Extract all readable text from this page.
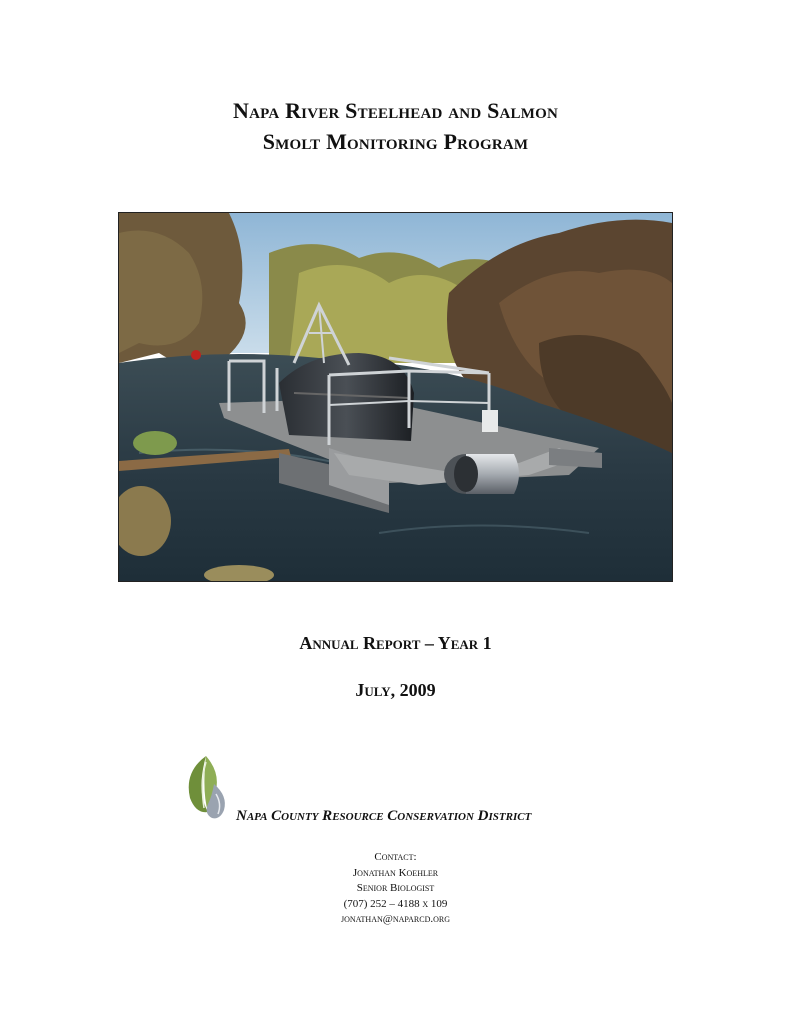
Napa River Steelhead and Salmon
Smolt Monitoring Program
Annual Report – Year 1
July, 2009
Napa County Resource Conservation District
Contact:
Jonathan Koehler
Senior Biologist
(707) 252 – 4188 x 109
jonathan@naparcd.org
